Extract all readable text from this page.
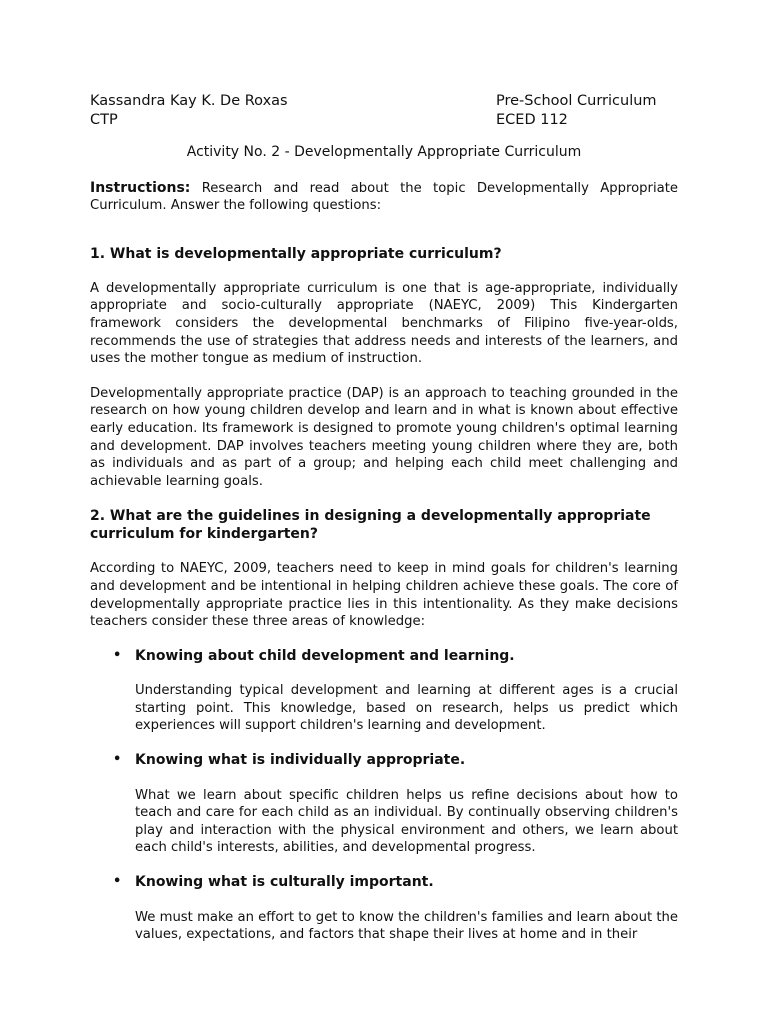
Kassandra Kay K. De Roxas
CTP
Pre-School Curriculum
ECED 112
Activity No. 2 - Developmentally Appropriate Curriculum

Instructions: Research and read about the topic Developmentally Appropriate Curriculum. Answer the following questions:

1. What is developmentally appropriate curriculum?

A developmentally appropriate curriculum is one that is age-appropriate, individually appropriate and socio-culturally appropriate (NAEYC, 2009) This Kindergarten framework considers the developmental benchmarks of Filipino five-year-olds, recommends the use of strategies that address needs and interests of the learners, and uses the mother tongue as medium of instruction.

Developmentally appropriate practice (DAP) is an approach to teaching grounded in the research on how young children develop and learn and in what is known about effective early education. Its framework is designed to promote young children's optimal learning and development. DAP involves teachers meeting young children where they are, both as individuals and as part of a group; and helping each child meet challenging and achievable learning goals.

2. What are the guidelines in designing a developmentally appropriate curriculum for kindergarten?

According to NAEYC, 2009, teachers need to keep in mind goals for children's learning and development and be intentional in helping children achieve these goals. The core of developmentally appropriate practice lies in this intentionality. As they make decisions teachers consider these three areas of knowledge:

• Knowing about child development and learning.

Understanding typical development and learning at different ages is a crucial starting point. This knowledge, based on research, helps us predict which experiences will support children's learning and development.

• Knowing what is individually appropriate.

What we learn about specific children helps us refine decisions about how to teach and care for each child as an individual. By continually observing children's play and interaction with the physical environment and others, we learn about each child's interests, abilities, and developmental progress.

• Knowing what is culturally important.

We must make an effort to get to know the children's families and learn about the values, expectations, and factors that shape their lives at home and in their
